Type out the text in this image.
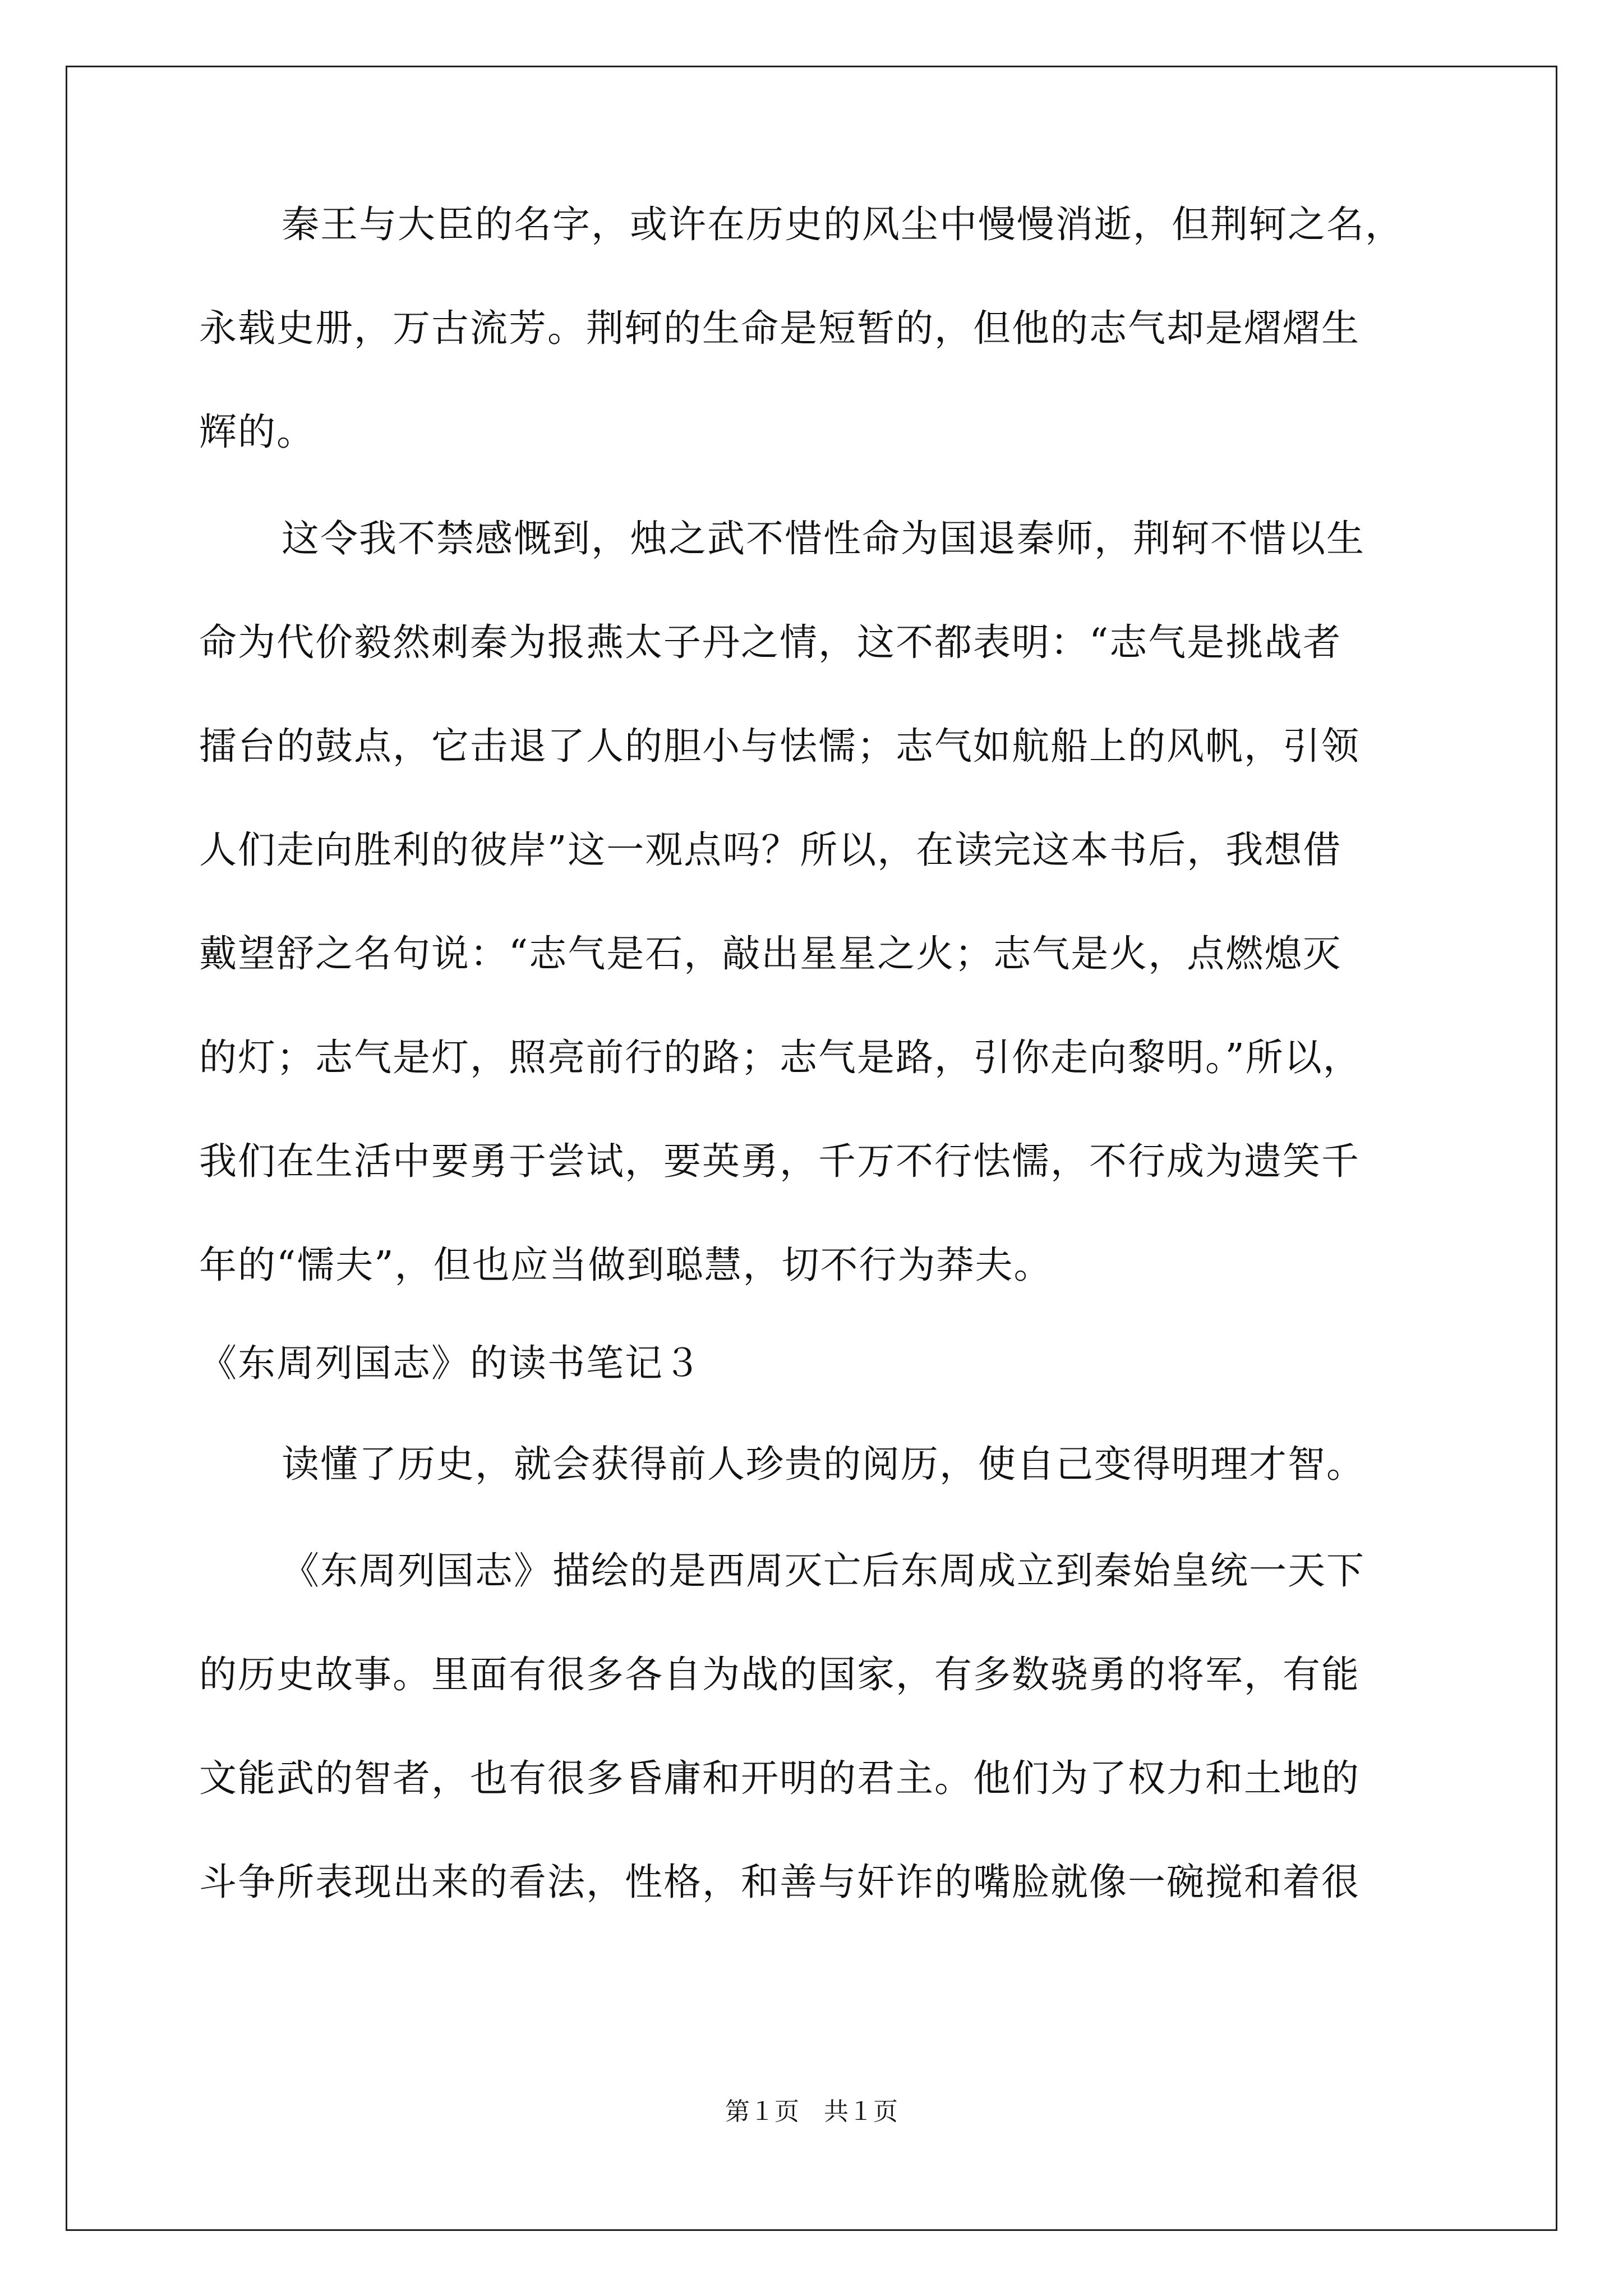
秦王与大臣的名字，或许在历史的风尘中慢慢消逝，但荆轲之名，
永载史册，万古流芳。荆轲的生命是短暂的，但他的志气却是熠熠生
辉的。
这令我不禁感慨到，烛之武不惜性命为国退秦师，荆轲不惜以生
命为代价毅然刺秦为报燕太子丹之情，这不都表明：“志气是挑战者
擂台的鼓点，它击退了人的胆小与怯懦；志气如航船上的风帆，引领
人们走向胜利的彼岸”这一观点吗？所以，在读完这本书后，我想借
戴望舒之名句说：“志气是石，敲出星星之火；志气是火，点燃熄灭
的灯；志气是灯，照亮前行的路；志气是路，引你走向黎明。”所以，
我们在生活中要勇于尝试，要英勇，千万不行怯懦，不行成为遗笑千
年的“懦夫”，但也应当做到聪慧，切不行为莽夫。
《东周列国志》的读书笔记３
读懂了历史，就会获得前人珍贵的阅历，使自己变得明理才智。
《东周列国志》描绘的是西周灭亡后东周成立到秦始皇统一天下
的历史故事。里面有很多各自为战的国家，有多数骁勇的将军，有能
文能武的智者，也有很多昏庸和开明的君主。他们为了权力和土地的
斗争所表现出来的看法，性格，和善与奸诈的嘴脸就像一碗搅和着很
第１页　共１页
